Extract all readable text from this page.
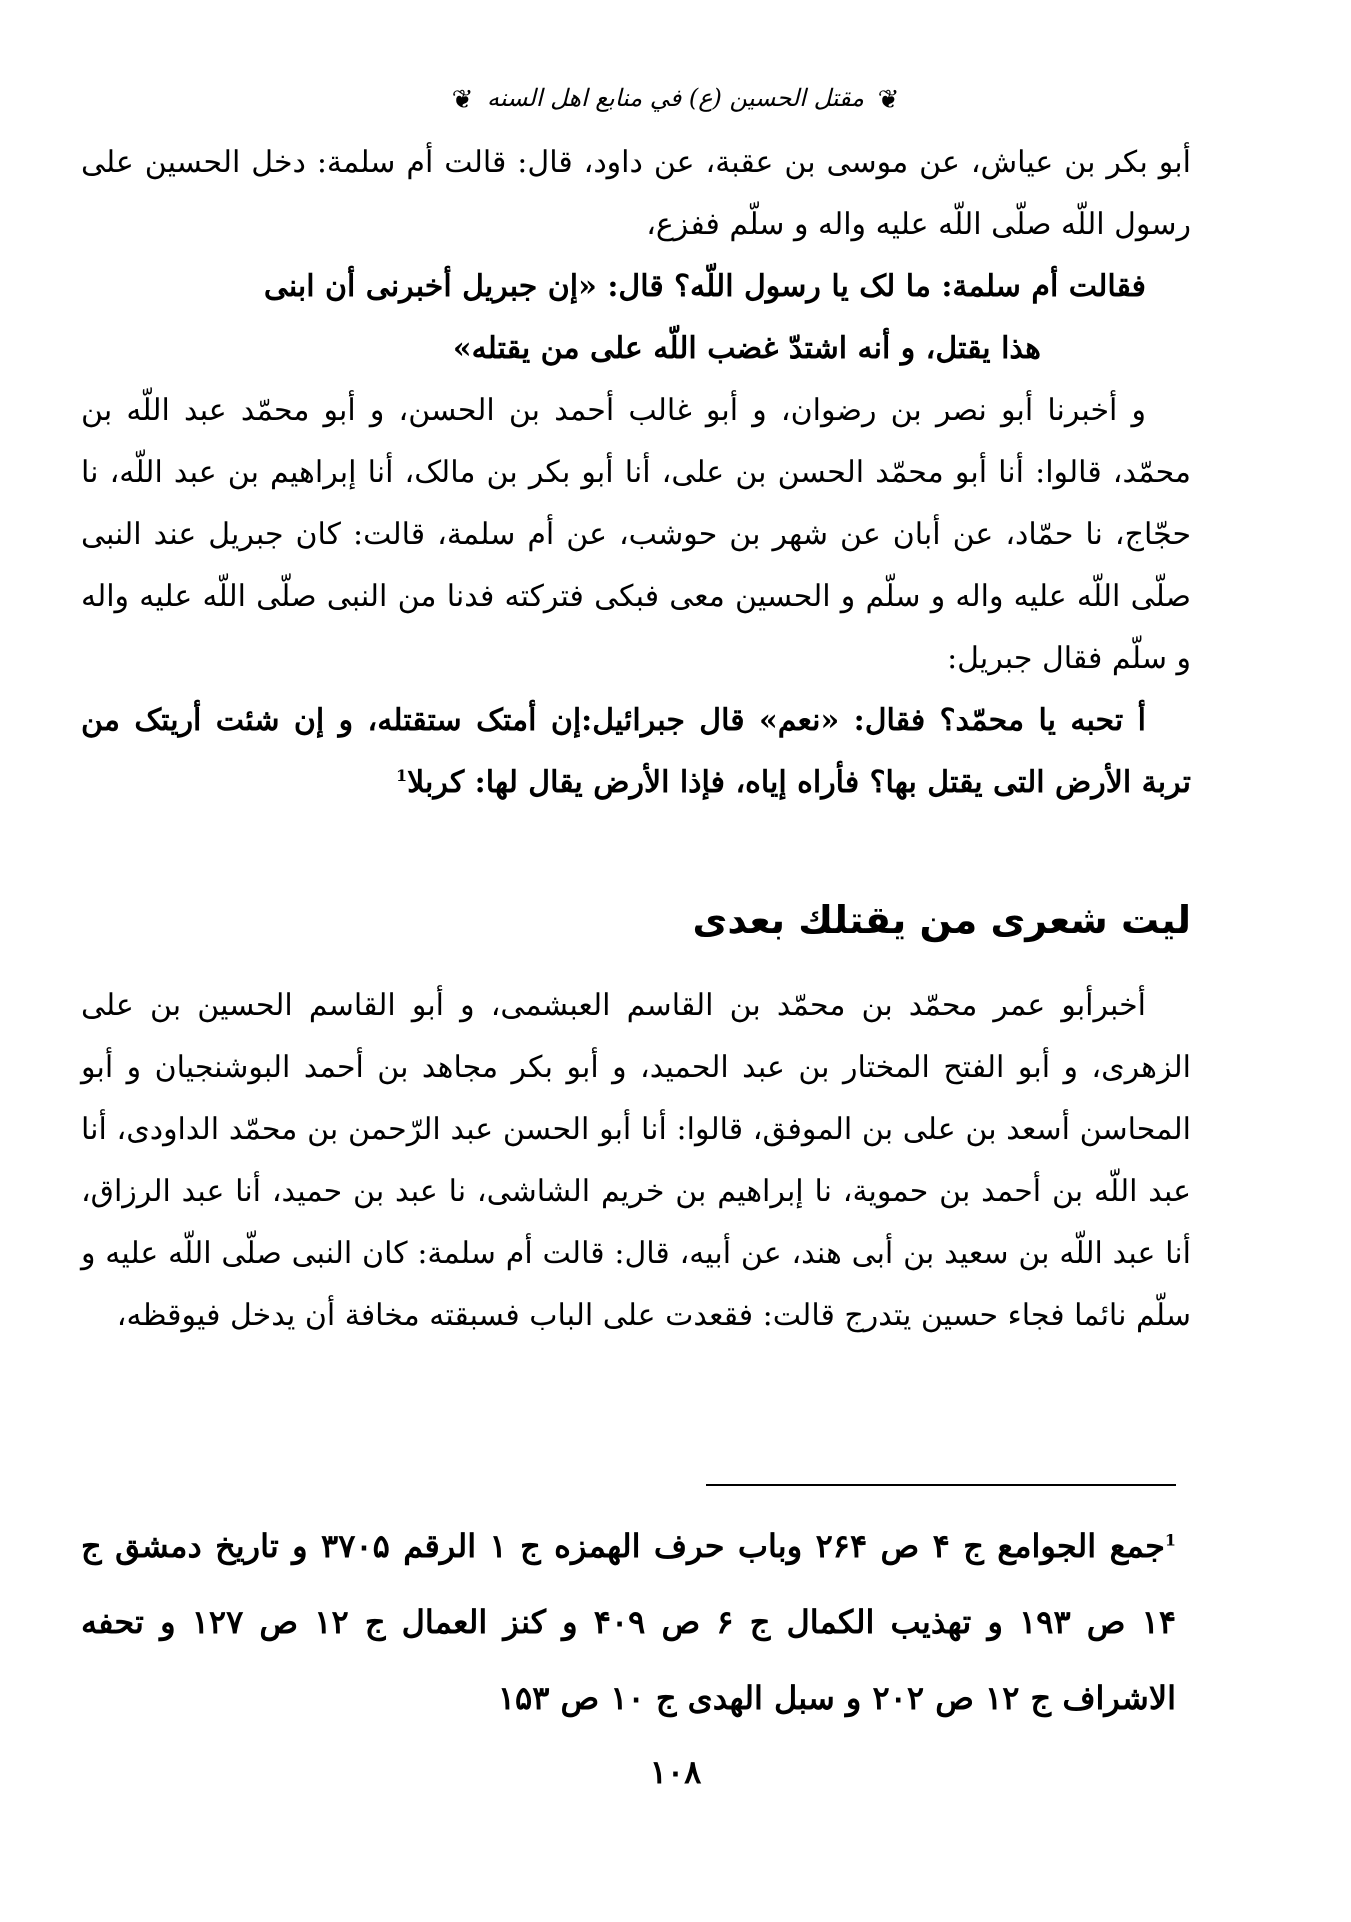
❦ مقتل الحسين (ع) في منابع اهل السنه ❦

أبو بكر بن عياش، عن موسى بن عقبة، عن داود، قال: قالت أم سلمة: دخل الحسين على رسول اللّه صلّى اللّه عليه واله و سلّم ففزع،

فقالت أم سلمة: ما لک يا رسول اللّه؟ قال: «إن جبريل أخبرنى أن ابنى

هذا يقتل، و أنه اشتدّ غضب اللّه على من يقتله»

و أخبرنا أبو نصر بن رضوان، و أبو غالب أحمد بن الحسن، و أبو محمّد عبد اللّه بن محمّد، قالوا: أنا أبو محمّد الحسن بن على، أنا أبو بكر بن مالک، أنا إبراهيم بن عبد اللّه، نا حجّاج، نا حمّاد، عن أبان عن شهر بن حوشب، عن أم سلمة، قالت: كان جبريل عند النبى صلّى اللّه عليه واله و سلّم و الحسين معى فبكى فتركته فدنا من النبى صلّى اللّه عليه واله و سلّم فقال جبريل:

أ تحبه يا محمّد؟ فقال: «نعم» قال جبرائيل:إن أمتک ستقتله، و إن شئت أريتک من تربة الأرض التى يقتل بها؟ فأراه إياه، فإذا الأرض يقال لها: كربلا$^1$

ليت شعرى من يقتلك بعدى

أخبرأبو عمر محمّد بن محمّد بن القاسم العبشمى، و أبو القاسم الحسين بن على الزهرى، و أبو الفتح المختار بن عبد الحميد، و أبو بكر مجاهد بن أحمد البوشنجيان و أبو المحاسن أسعد بن على بن الموفق، قالوا: أنا أبو الحسن عبد الرّحمن بن محمّد الداودى، أنا عبد اللّه بن أحمد بن حموية، نا إبراهيم بن خريم الشاشى، نا عبد بن حميد، أنا عبد الرزاق، أنا عبد اللّه بن سعيد بن أبى هند، عن أبيه، قال: قالت أم سلمة: كان النبى صلّى اللّه عليه و سلّم نائما فجاء حسين يتدرج قالت: فقعدت على الباب فسبقته مخافة أن يدخل فيوقظه،

$^1$جمع الجوامع ج ۴ ص ۲۶۴ وباب حرف الهمزه ج ۱ الرقم ۳۷۰۵ و تاريخ دمشق ج ۱۴ ص ۱۹۳ و تهذيب الكمال ج ۶ ص ۴۰۹ و كنز العمال ج ۱۲ ص ۱۲۷ و تحفه الاشراف ج ۱۲ ص ۲۰۲ و سبل الهدى ج ۱۰ ص ۱۵۳

۱۰۸
